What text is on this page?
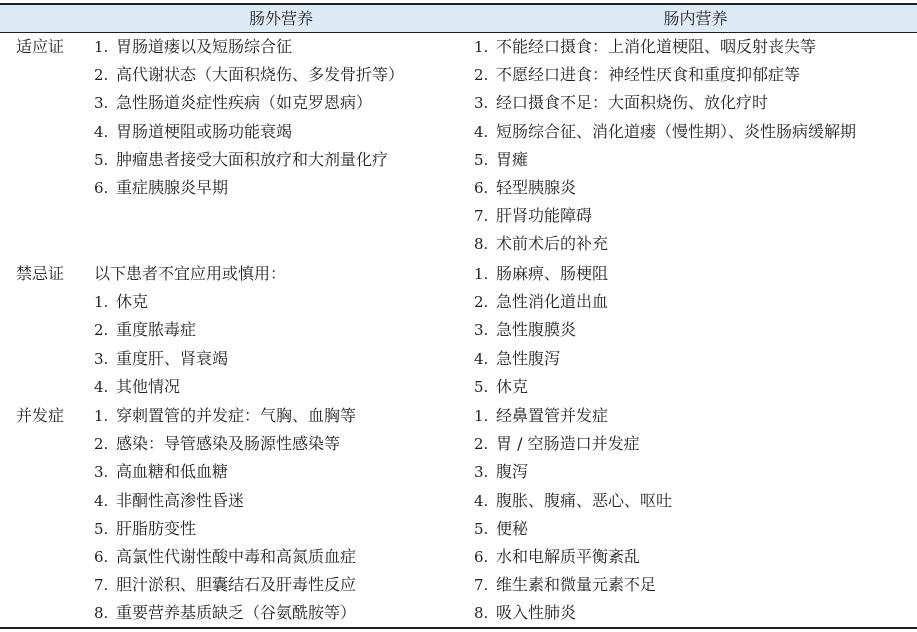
肠外营养	肠内营养
适应证 1. 胃肠道瘘以及短肠综合征
2. 高代谢状态（大面积烧伤、多发骨折等）
3. 急性肠道炎症性疾病（如克罗恩病）
4. 胃肠道梗阻或肠功能衰竭
5. 肿瘤患者接受大面积放疗和大剂量化疗
6. 重症胰腺炎早期
1. 不能经口摄食：上消化道梗阻、咽反射丧失等
2. 不愿经口进食：神经性厌食和重度抑郁症等
3. 经口摄食不足：大面积烧伤、放化疗时
4. 短肠综合征、消化道瘘（慢性期）、炎性肠病缓解期
5. 胃瘫
6. 轻型胰腺炎
7. 肝肾功能障碍
8. 术前术后的补充
禁忌证 以下患者不宜应用或慎用：
1. 休克
2. 重度脓毒症
3. 重度肝、肾衰竭
4. 其他情况
1. 肠麻痹、肠梗阻
2. 急性消化道出血
3. 急性腹膜炎
4. 急性腹泻
5. 休克
并发症 1. 穿刺置管的并发症：气胸、血胸等
2. 感染：导管感染及肠源性感染等
3. 高血糖和低血糖
4. 非酮性高渗性昏迷
5. 肝脂肪变性
6. 高氯性代谢性酸中毒和高氮质血症
7. 胆汁淤积、胆囊结石及肝毒性反应
8. 重要营养基质缺乏（谷氨酰胺等）
1. 经鼻置管并发症
2. 胃 / 空肠造口并发症
3. 腹泻
4. 腹胀、腹痛、恶心、呕吐
5. 便秘
6. 水和电解质平衡紊乱
7. 维生素和微量元素不足
8. 吸入性肺炎
